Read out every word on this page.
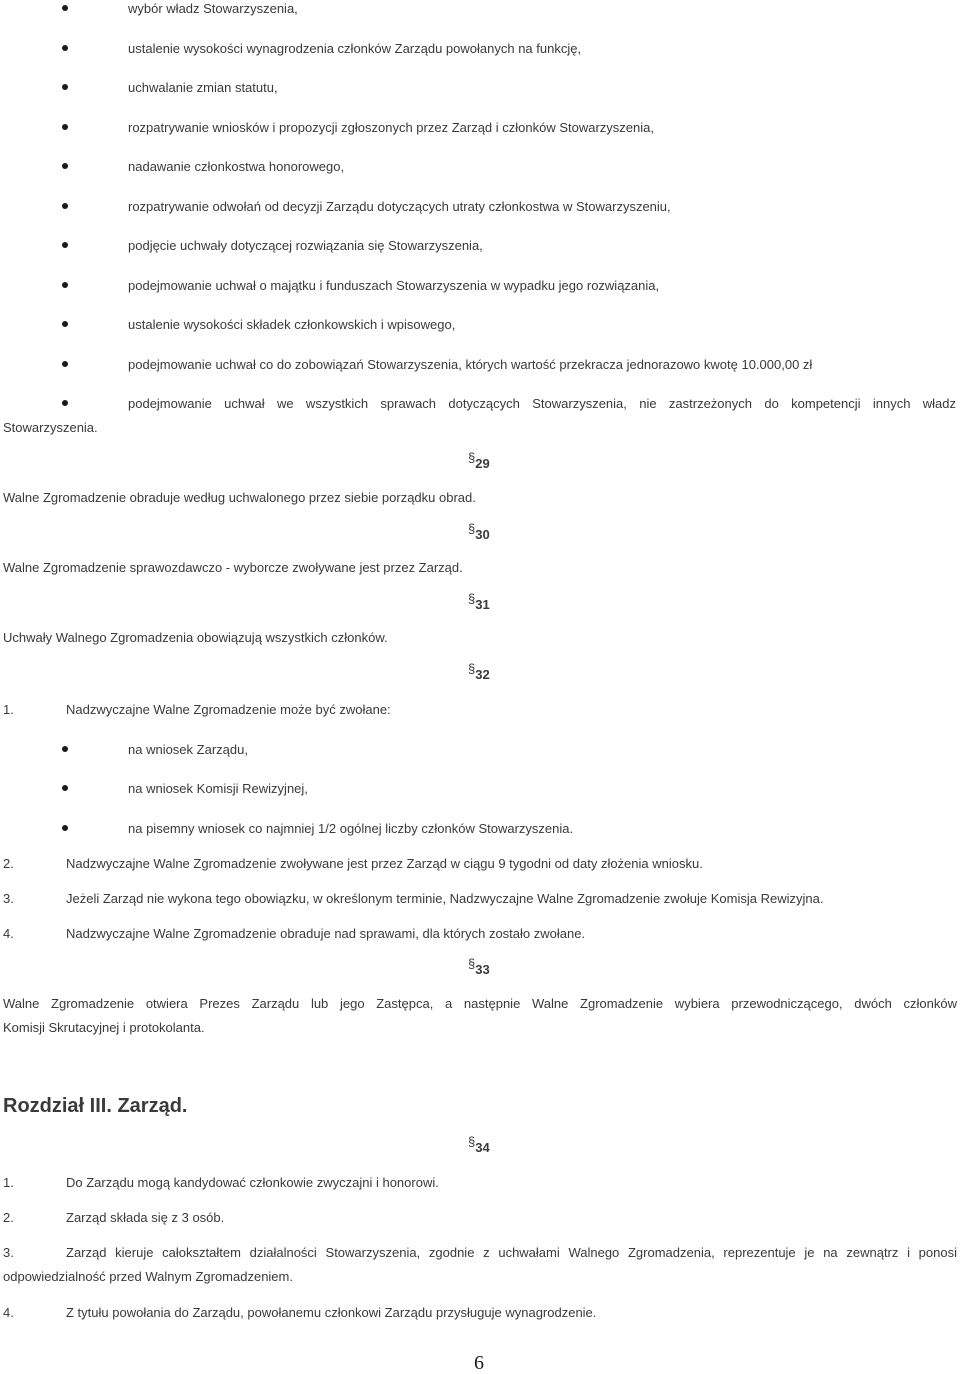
wybór władz Stowarzyszenia,
ustalenie wysokości wynagrodzenia członków Zarządu powołanych na funkcję,
uchwalanie zmian statutu,
rozpatrywanie wniosków i propozycji zgłoszonych przez Zarząd i członków Stowarzyszenia,
nadawanie członkostwa honorowego,
rozpatrywanie odwołań od decyzji Zarządu dotyczących utraty członkostwa w Stowarzyszeniu,
podjęcie uchwały dotyczącej rozwiązania się Stowarzyszenia,
podejmowanie uchwał o majątku i funduszach Stowarzyszenia w wypadku jego rozwiązania,
ustalenie wysokości składek członkowskich i wpisowego,
podejmowanie uchwał co do zobowiązań Stowarzyszenia, których wartość przekracza jednorazowo kwotę 10.000,00 zł
podejmowanie uchwał we wszystkich sprawach dotyczących Stowarzyszenia, nie zastrzeżonych do kompetencji innych władz
Stowarzyszenia.
§29
Walne Zgromadzenie obraduje według uchwalonego przez siebie porządku obrad.
§30
Walne Zgromadzenie sprawozdawczo - wyborcze zwoływane jest przez Zarząd.
§31
Uchwały Walnego Zgromadzenia obowiązują wszystkich członków.
§32
1.	Nadzwyczajne Walne Zgromadzenie może być zwołane:
na wniosek Zarządu,
na wniosek Komisji Rewizyjnej,
na pisemny wniosek co najmniej 1/2 ogólnej liczby członków Stowarzyszenia.
2.	Nadzwyczajne Walne Zgromadzenie zwoływane jest przez Zarząd w ciągu 9 tygodni od daty złożenia wniosku.
3.	Jeżeli Zarząd nie wykona tego obowiązku, w określonym terminie, Nadzwyczajne Walne Zgromadzenie zwołuje Komisja Rewizyjna.
4.	Nadzwyczajne Walne Zgromadzenie obraduje nad sprawami, dla których zostało zwołane.
§33
Walne Zgromadzenie otwiera Prezes Zarządu lub jego Zastępca, a następnie Walne Zgromadzenie wybiera przewodniczącego, dwóch członków
Komisji Skrutacyjnej i protokolanta.
Rozdział III. Zarząd.
§34
1.	Do Zarządu mogą kandydować członkowie zwyczajni i honorowi.
2.	Zarząd składa się z 3 osób.
3.	Zarząd kieruje całokształtem działalności Stowarzyszenia, zgodnie z uchwałami Walnego Zgromadzenia, reprezentuje je na zewnątrz i ponosi
odpowiedzialność przed Walnym Zgromadzeniem.
4.	Z tytułu powołania do Zarządu, powołanemu członkowi Zarządu przysługuje wynagrodzenie.
6
